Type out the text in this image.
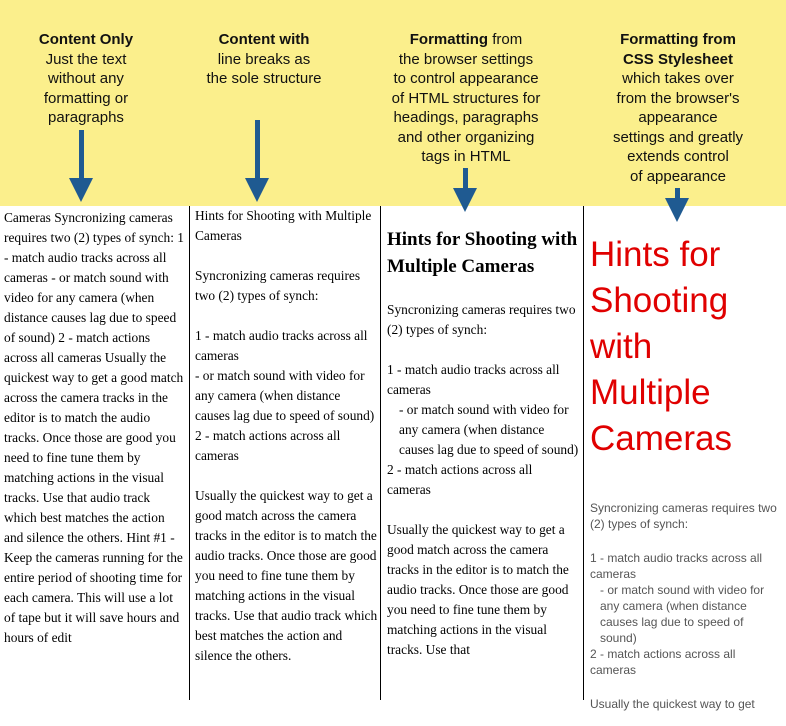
Content Only
Just the text
without any
formatting or
paragraphs
Content with
line breaks as
the sole structure
Formatting from
the browser settings
to control appearance
of HTML structures for
headings, paragraphs
and other organizing
tags in HTML
Formatting from
CSS Stylesheet
which takes over
from the browser's
appearance
settings and greatly
extends control
of appearance
Cameras Syncronizing cameras requires two (2) types of synch: 1 - match audio tracks across all cameras - or match sound with video for any camera (when distance causes lag due to speed of sound) 2 - match actions across all cameras Usually the quickest way to get a good match across the camera tracks in the editor is to match the audio tracks. Once those are good you need to fine tune them by matching actions in the visual tracks. Use that audio track which best matches the action and silence the others. Hint #1 - Keep the cameras running for the entire period of shooting time for each camera. This will use a lot of tape but it will save hours and hours of edit
Hints for Shooting with Multiple Cameras
Syncronizing cameras requires two (2) types of synch:
1 - match audio tracks across all cameras
- or match sound with video for any camera (when distance causes lag due to speed of sound)
2 - match actions across all cameras
Usually the quickest way to get a good match across the camera tracks in the editor is to match the audio tracks. Once those are good you need to fine tune them by matching actions in the visual tracks. Use that audio track which best matches the action and silence the others.
Hints for Shooting with Multiple Cameras
Syncronizing cameras requires two (2) types of synch:
1 - match audio tracks across all cameras
- or match sound with video for any camera (when distance causes lag due to speed of sound)
2 - match actions across all cameras
Usually the quickest way to get a good match across the camera tracks in the editor is to match the audio tracks. Once those are good you need to fine tune them by matching actions in the visual tracks. Use that
Hints for Shooting with Multiple Cameras
Syncronizing cameras requires two (2) types of synch:
1 - match audio tracks across all cameras
- or match sound with video for any camera (when distance causes lag due to speed of sound)
2 - match actions across all cameras
Usually the quickest way to get
